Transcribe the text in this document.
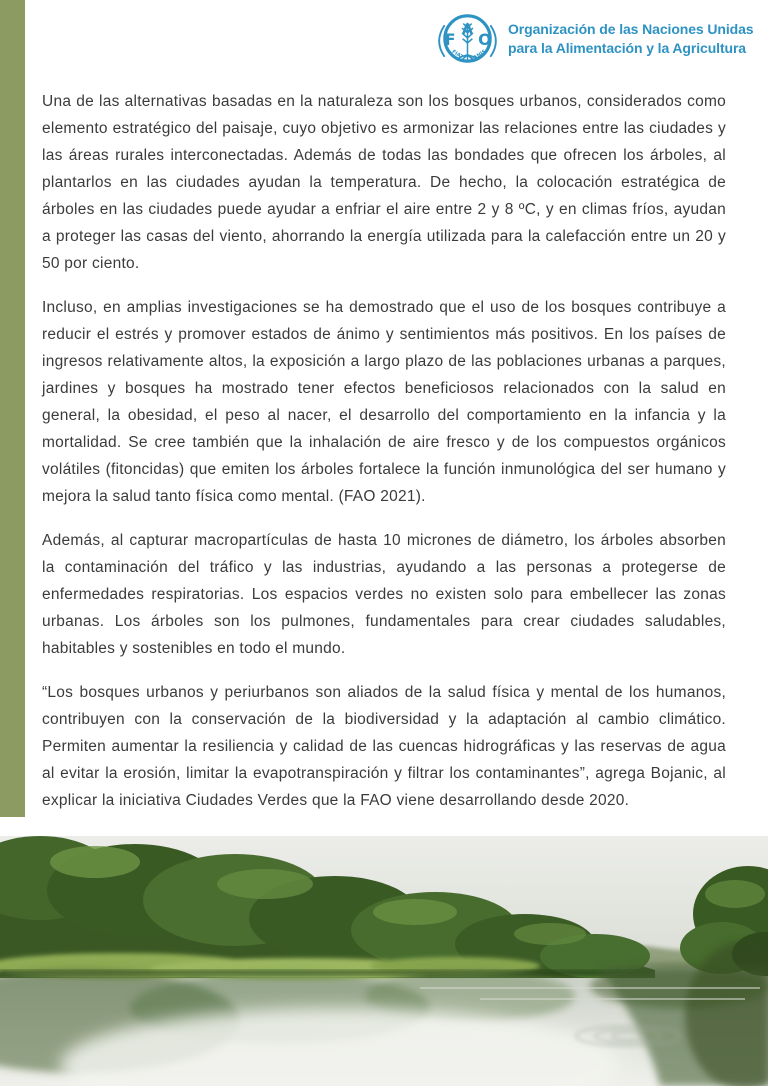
F A O
FIAT PANIS
Organización de las Naciones Unidas
para la Alimentación y la Agricultura

Una de las alternativas basadas en la naturaleza son los bosques urbanos, considerados como elemento estratégico del paisaje, cuyo objetivo es armonizar las relaciones entre las ciudades y las áreas rurales interconectadas. Además de todas las bondades que ofrecen los árboles, al plantarlos en las ciudades ayudan la temperatura. De hecho, la colocación estratégica de árboles en las ciudades puede ayudar a enfriar el aire entre 2 y 8 ºC, y en climas fríos, ayudan a proteger las casas del viento, ahorrando la energía utilizada para la calefacción entre un 20 y 50 por ciento.

Incluso, en amplias investigaciones se ha demostrado que el uso de los bosques contribuye a reducir el estrés y promover estados de ánimo y sentimientos más positivos. En los países de ingresos relativamente altos, la exposición a largo plazo de las poblaciones urbanas a parques, jardines y bosques ha mostrado tener efectos beneficiosos relacionados con la salud en general, la obesidad, el peso al nacer, el desarrollo del comportamiento en la infancia y la mortalidad. Se cree también que la inhalación de aire fresco y de los compuestos orgánicos volátiles (fitoncidas) que emiten los árboles fortalece la función inmunológica del ser humano y mejora la salud tanto física como mental. (FAO 2021).

Además, al capturar macropartículas de hasta 10 micrones de diámetro, los árboles absorben la contaminación del tráfico y las industrias, ayudando a las personas a protegerse de enfermedades respiratorias. Los espacios verdes no existen solo para embellecer las zonas urbanas. Los árboles son los pulmones, fundamentales para crear ciudades saludables, habitables y sostenibles en todo el mundo.

“Los bosques urbanos y periurbanos son aliados de la salud física y mental de los humanos, contribuyen con la conservación de la biodiversidad y la adaptación al cambio climático. Permiten aumentar la resiliencia y calidad de las cuencas hidrográficas y las reservas de agua al evitar la erosión, limitar la evapotranspiración y filtrar los contaminantes”, agrega Bojanic, al explicar la iniciativa Ciudades Verdes que la FAO viene desarrollando desde 2020.
